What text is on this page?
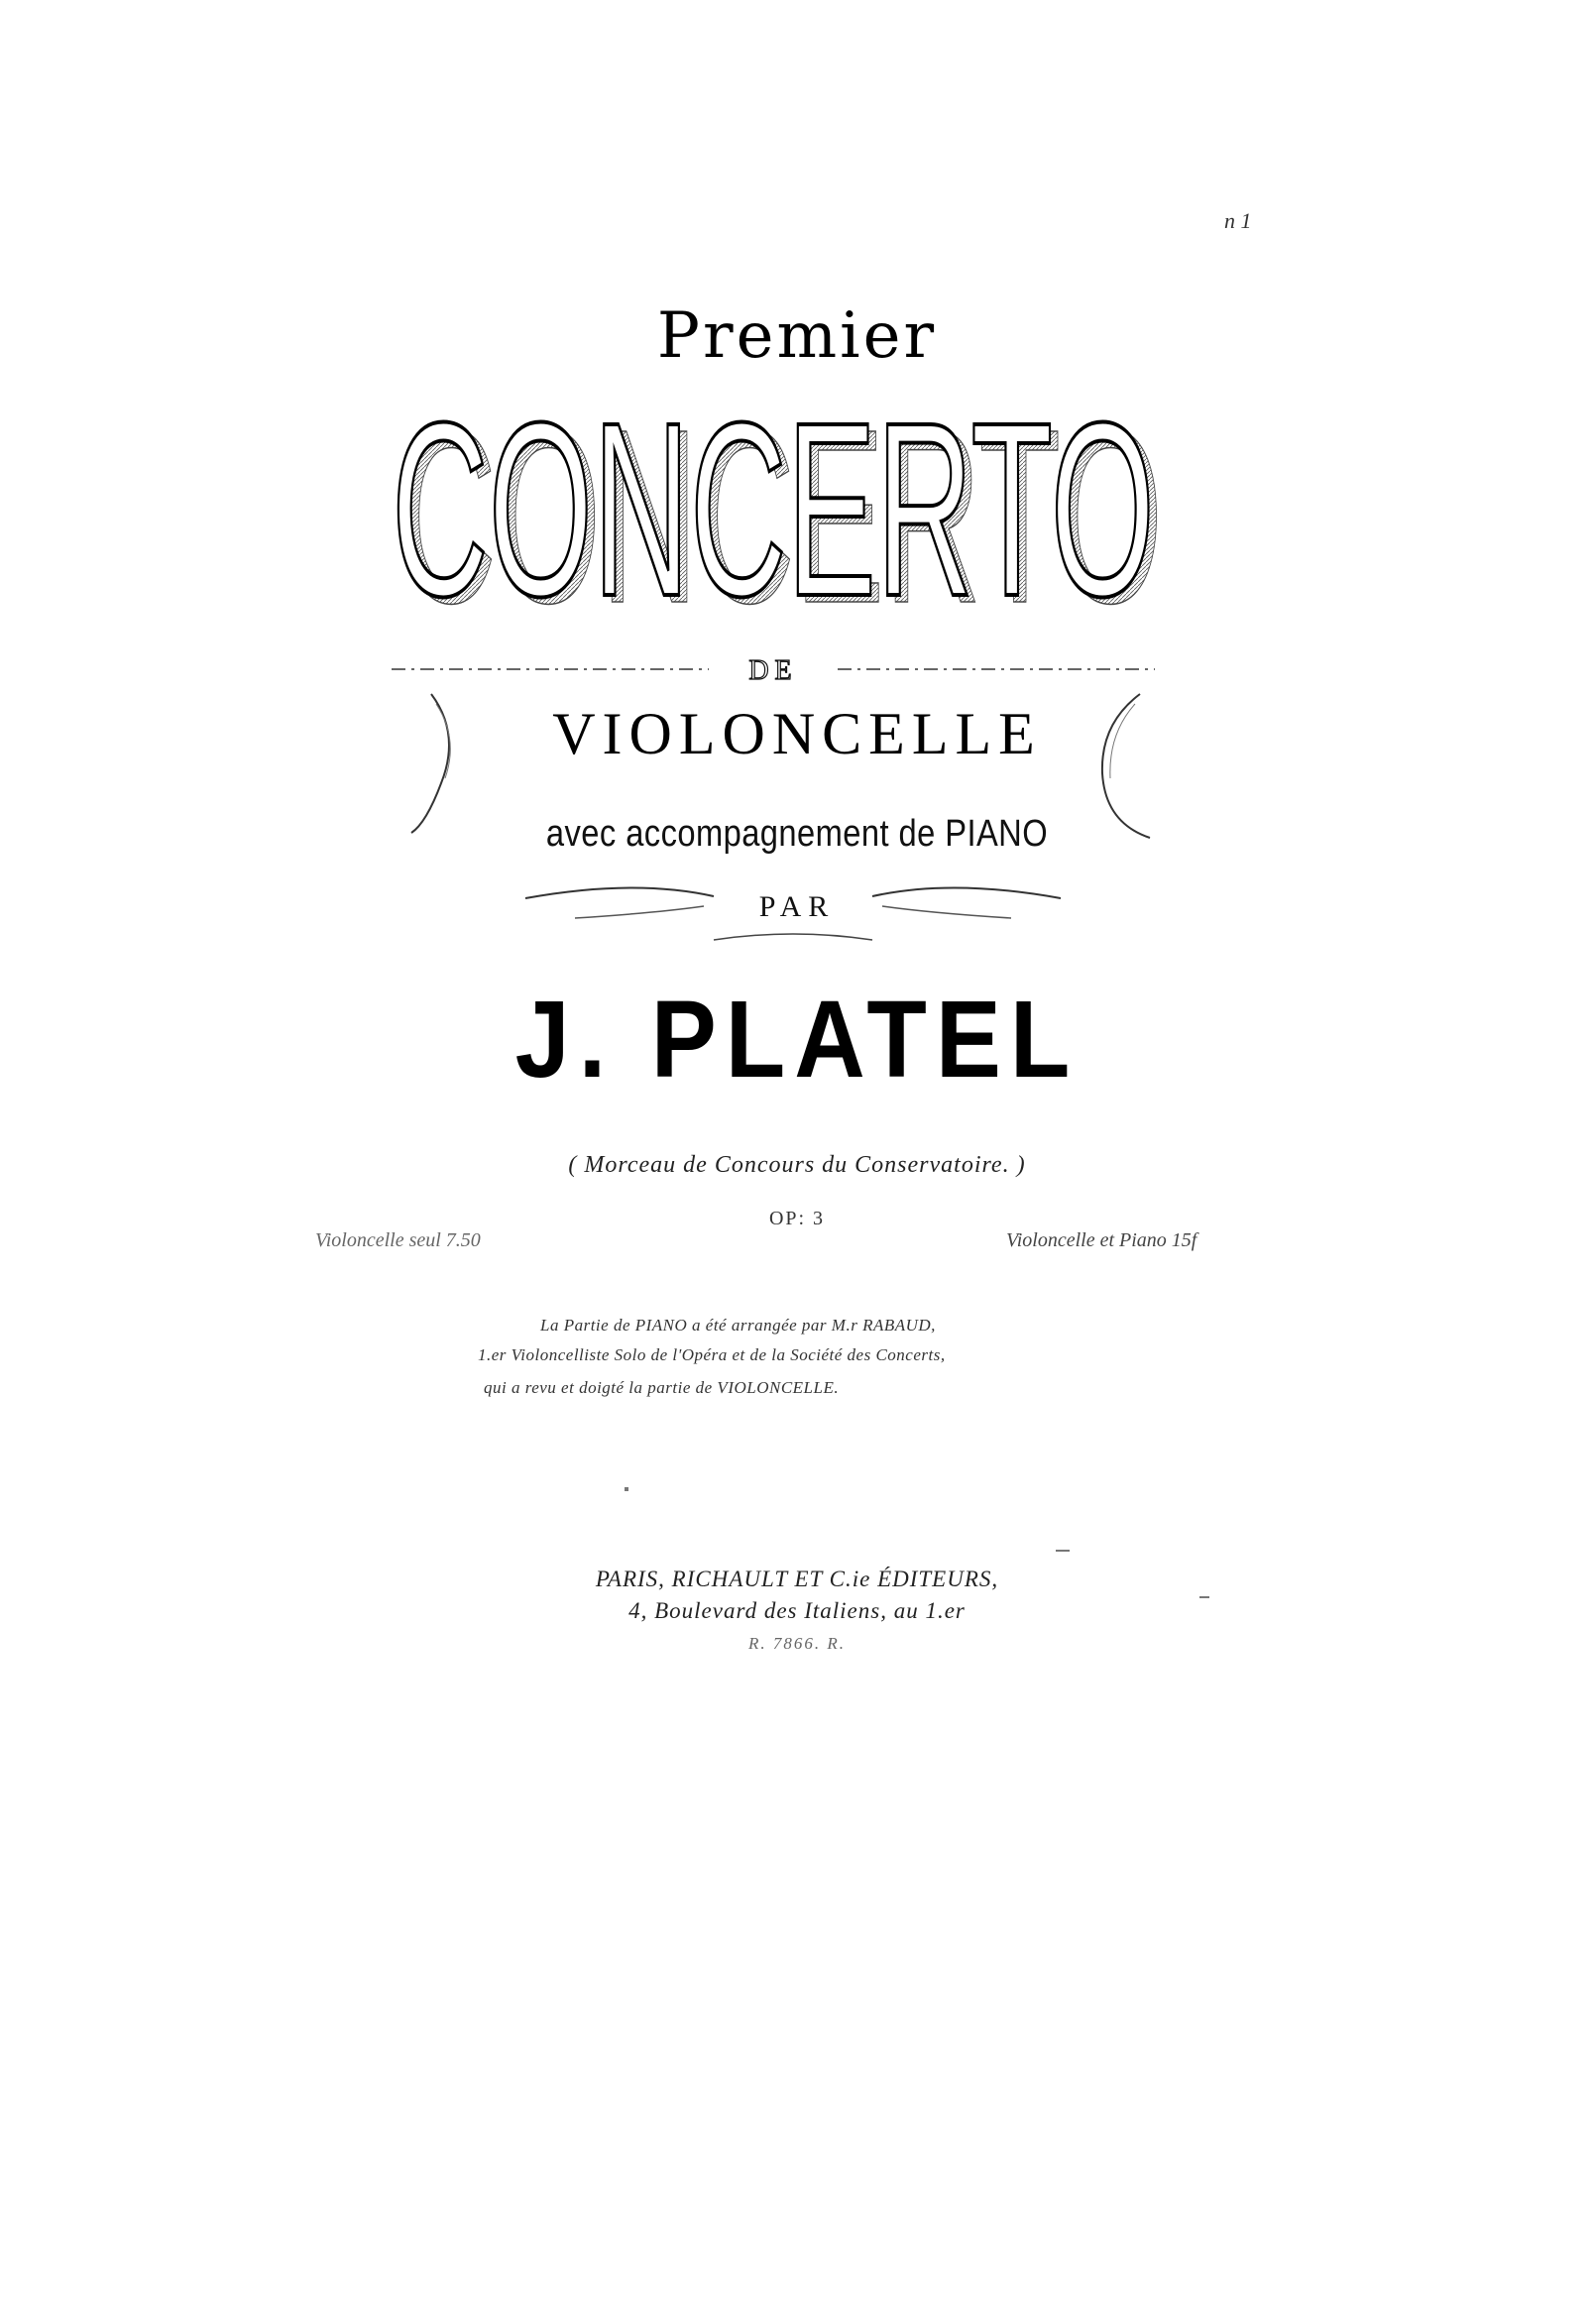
n 1
Premier
CONCERTO
CONCERTO
CONCERTO
DE
VIOLONCELLE
avec accompagnement de PIANO
PAR
J. PLATEL
( Morceau de Concours du Conservatoire. )
OP: 3
Violoncelle seul 7.50	Violoncelle et Piano 15f
La Partie de PIANO a été arrangée par M.r RABAUD,
1.er Violoncelliste Solo de l'Opéra et de la Société des Concerts,
qui a revu et doigté la partie de VIOLONCELLE.
PARIS, RICHAULT ET C.ie ÉDITEURS,
4, Boulevard des Italiens, au 1.er
R. 7866. R.
